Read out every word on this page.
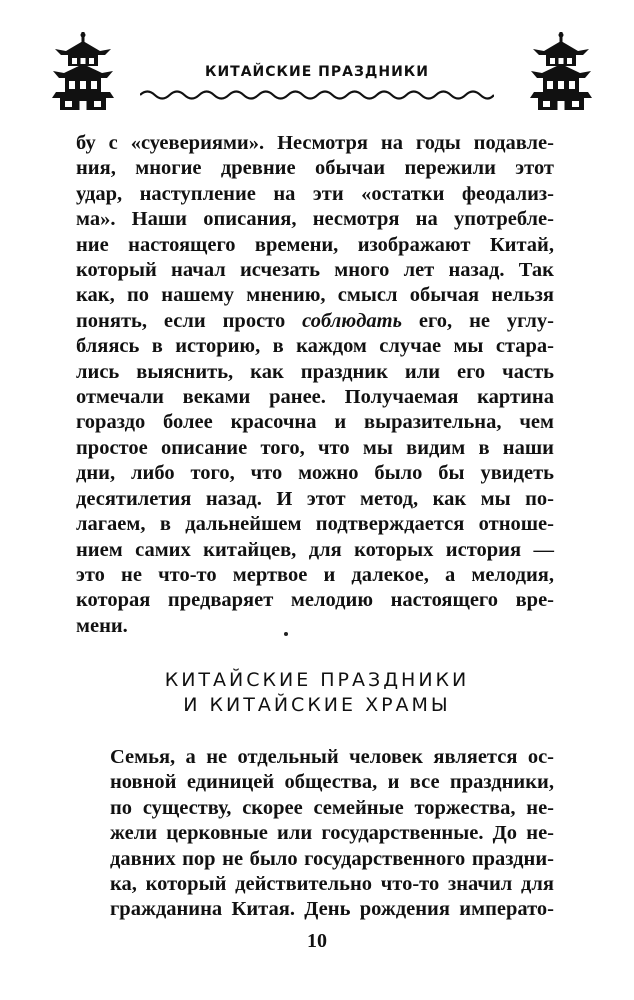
КИТАЙСКИЕ ПРАЗДНИКИ
бу с «суевериями». Несмотря на годы подавле-
ния, многие древние обычаи пережили этот
удар, наступление на эти «остатки феодализ-
ма». Наши описания, несмотря на употребле-
ние настоящего времени, изображают Китай,
который начал исчезать много лет назад. Так
как, по нашему мнению, смысл обычая нельзя
понять, если просто соблюдать его, не углу-
бляясь в историю, в каждом случае мы стара-
лись выяснить, как праздник или его часть
отмечали веками ранее. Получаемая картина
гораздо более красочна и выразительна, чем
простое описание того, что мы видим в наши
дни, либо того, что можно было бы увидеть
десятилетия назад. И этот метод, как мы по-
лагаем, в дальнейшем подтверждается отноше-
нием самих китайцев, для которых история —
это не что-то мертвое и далекое, а мелодия,
которая предваряет мелодию настоящего вре-
мени.
КИТАЙСКИЕ ПРАЗДНИКИ
И КИТАЙСКИЕ ХРАМЫ
Семья, а не отдельный человек является ос-
новной единицей общества, и все праздники,
по существу, скорее семейные торжества, не-
жели церковные или государственные. До не-
давних пор не было государственного праздни-
ка, который действительно что-то значил для
гражданина Китая. День рождения императо-
10
